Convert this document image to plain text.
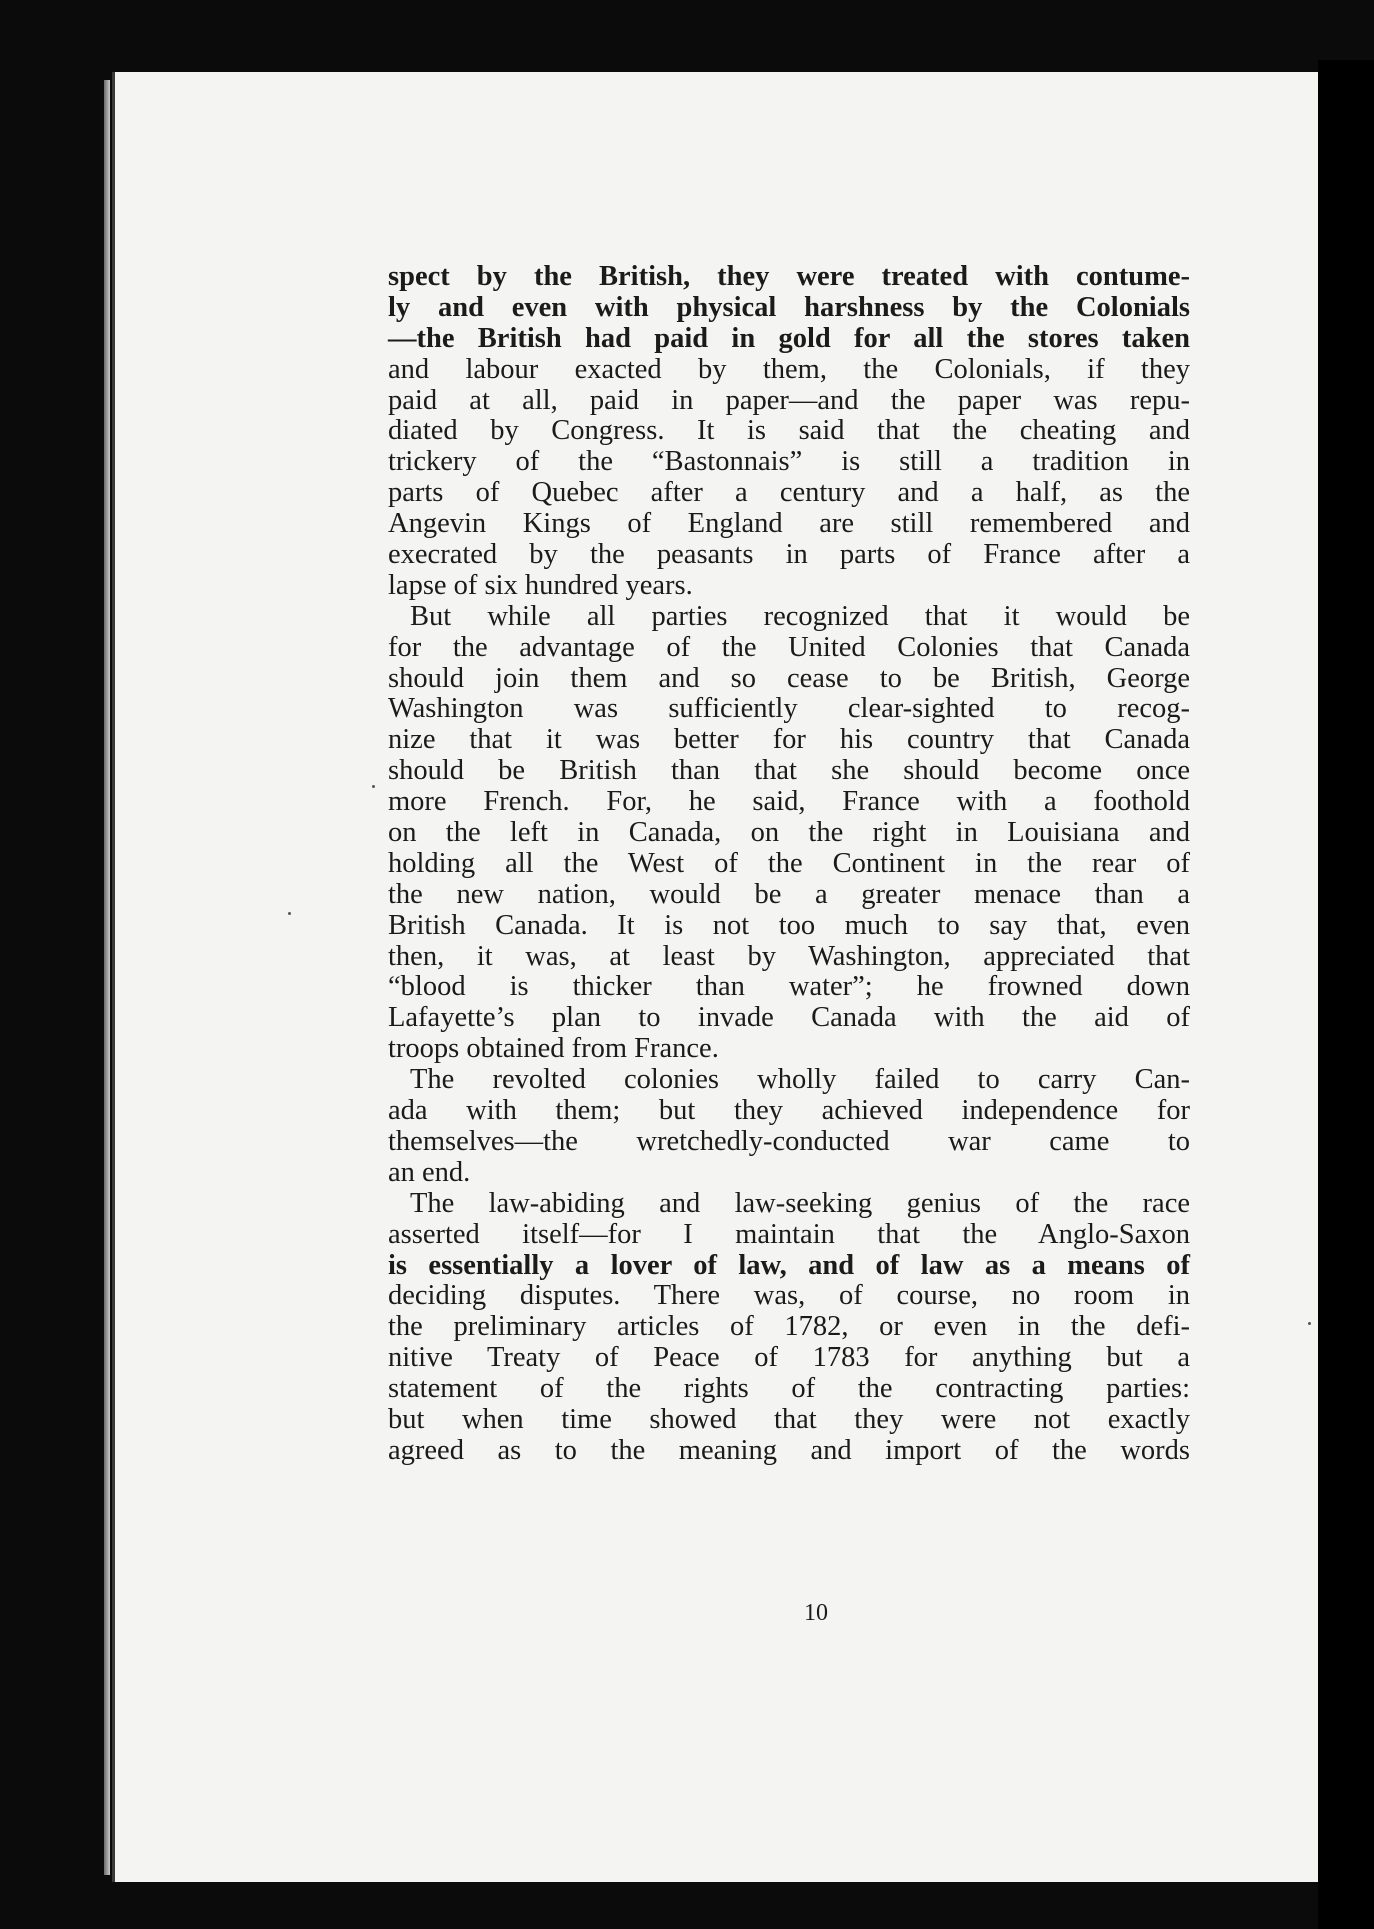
spect by the British, they were treated with contume-
ly and even with physical harshness by the Colonials
—the British had paid in gold for all the stores taken
and labour exacted by them, the Colonials, if they
paid at all, paid in paper—and the paper was repu-
diated by Congress. It is said that the cheating and
trickery of the “Bastonnais” is still a tradition in
parts of Quebec after a century and a half, as the
Angevin Kings of England are still remembered and
execrated by the peasants in parts of France after a
lapse of six hundred years.
But while all parties recognized that it would be
for the advantage of the United Colonies that Canada
should join them and so cease to be British, George
Washington was sufficiently clear-sighted to recog-
nize that it was better for his country that Canada
should be British than that she should become once
more French. For, he said, France with a foothold
on the left in Canada, on the right in Louisiana and
holding all the West of the Continent in the rear of
the new nation, would be a greater menace than a
British Canada. It is not too much to say that, even
then, it was, at least by Washington, appreciated that
“blood is thicker than water”; he frowned down
Lafayette’s plan to invade Canada with the aid of
troops obtained from France.
The revolted colonies wholly failed to carry Can-
ada with them; but they achieved independence for
themselves—the wretchedly-conducted war came to
an end.
The law-abiding and law-seeking genius of the race
asserted itself—for I maintain that the Anglo-Saxon
is essentially a lover of law, and of law as a means of
deciding disputes. There was, of course, no room in
the preliminary articles of 1782, or even in the defi-
nitive Treaty of Peace of 1783 for anything but a
statement of the rights of the contracting parties:
but when time showed that they were not exactly
agreed as to the meaning and import of the words
10
